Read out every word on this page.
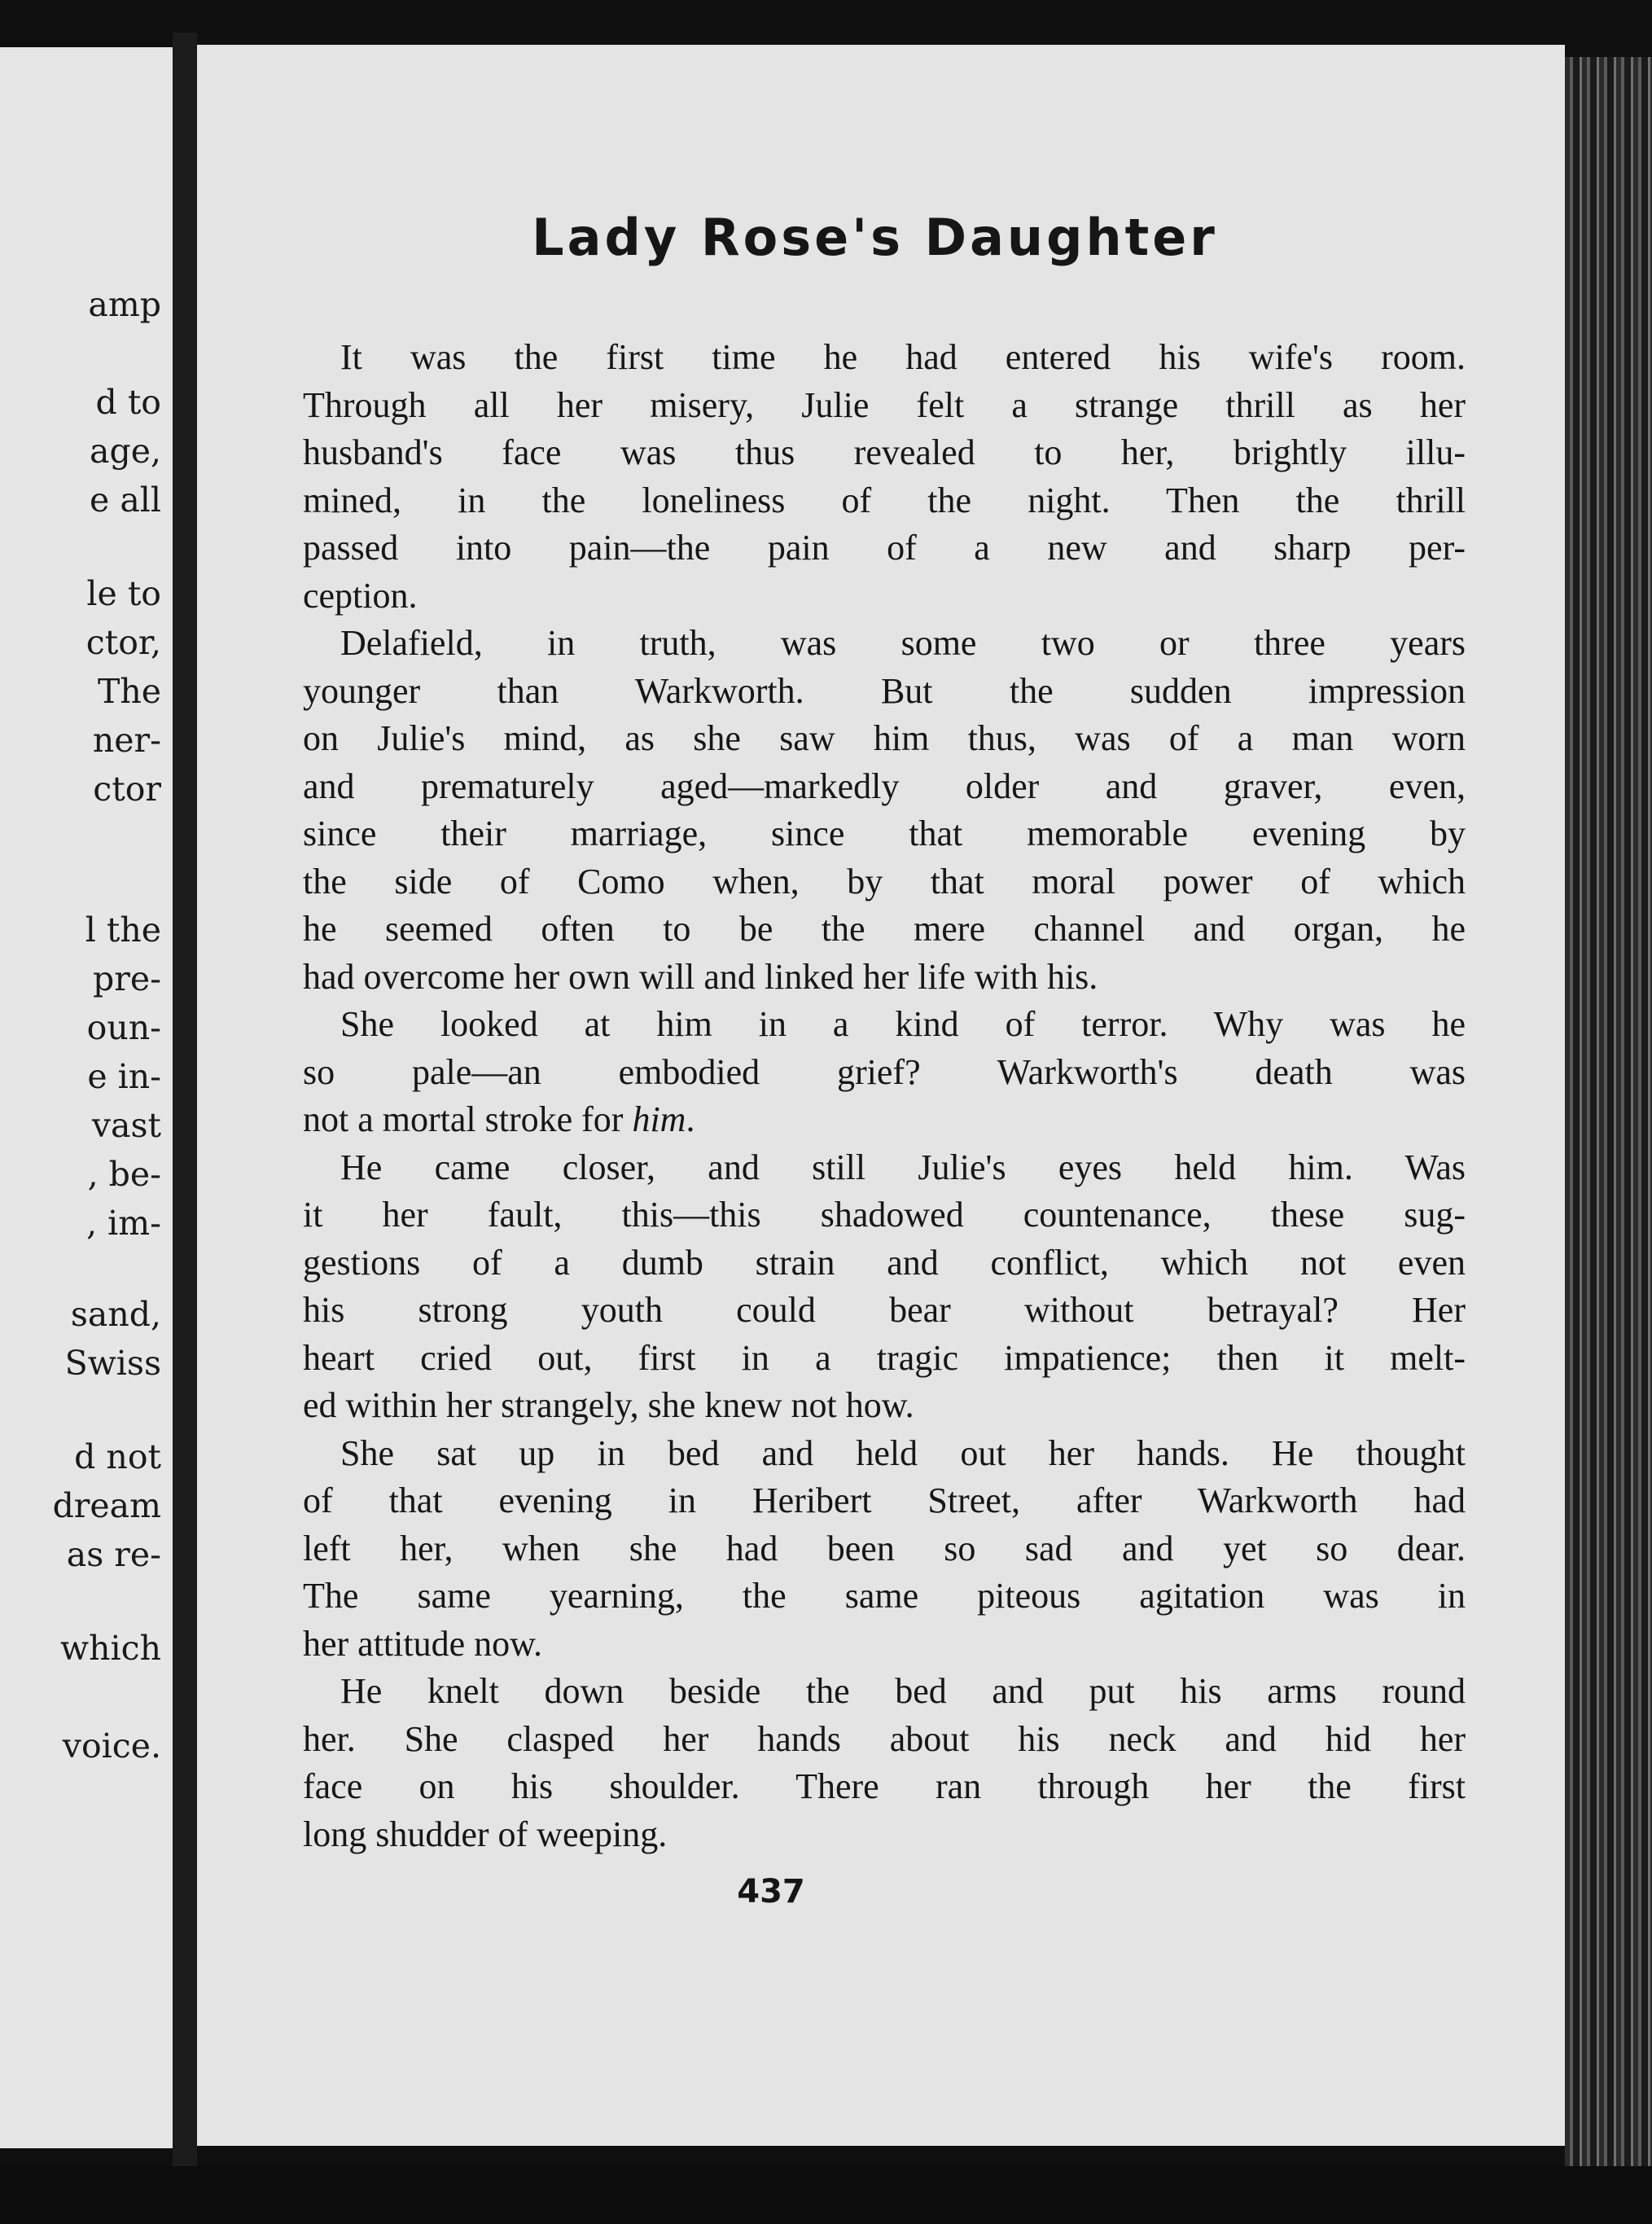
amp
d to
age,
e all
le to
ctor,
The
ner-
ctor
l the
pre-
oun-
e in-
vast
, be-
, im-
sand,
Swiss
d not
dream
as re-
which
voice.
Lady Rose's Daughter
It was the first time he had entered his wife's room.
Through all her misery, Julie felt a strange thrill as her
husband's face was thus revealed to her, brightly illu-
mined, in the loneliness of the night. Then the thrill
passed into pain—the pain of a new and sharp per-
ception.
Delafield, in truth, was some two or three years
younger than Warkworth. But the sudden impression
on Julie's mind, as she saw him thus, was of a man worn
and prematurely aged—markedly older and graver, even,
since their marriage, since that memorable evening by
the side of Como when, by that moral power of which
he seemed often to be the mere channel and organ, he
had overcome her own will and linked her life with his.
She looked at him in a kind of terror. Why was he
so pale—an embodied grief? Warkworth's death was
not a mortal stroke for him.
He came closer, and still Julie's eyes held him. Was
it her fault, this—this shadowed countenance, these sug-
gestions of a dumb strain and conflict, which not even
his strong youth could bear without betrayal? Her
heart cried out, first in a tragic impatience; then it melt-
ed within her strangely, she knew not how.
She sat up in bed and held out her hands. He thought
of that evening in Heribert Street, after Warkworth had
left her, when she had been so sad and yet so dear.
The same yearning, the same piteous agitation was in
her attitude now.
He knelt down beside the bed and put his arms round
her. She clasped her hands about his neck and hid her
face on his shoulder. There ran through her the first
long shudder of weeping.
437
